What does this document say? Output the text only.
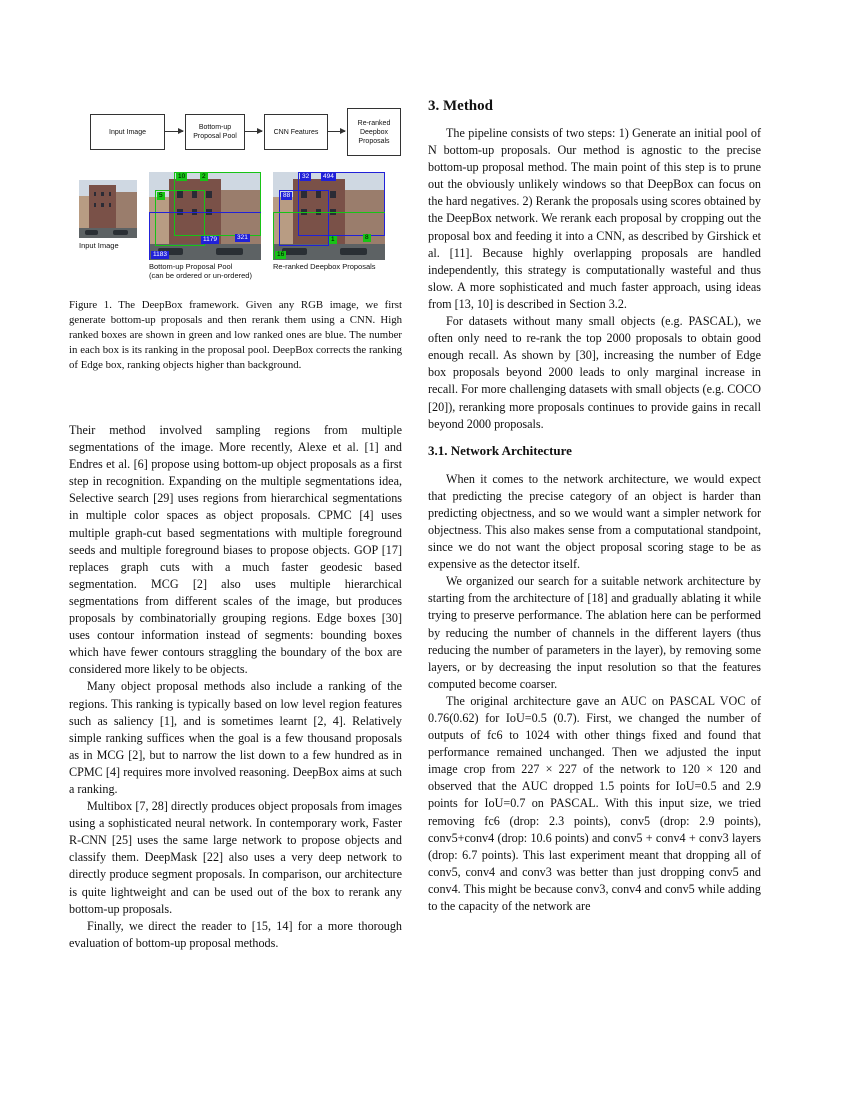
Input Image
Bottom-up Proposal Pool
CNN Features
Re-ranked Deepbox Proposals
Input Image
10	2
5
1179	321
1183
Bottom-up Proposal Pool
(can be ordered or un-ordered)
32	494
88
1	8
16
Re-ranked Deepbox Proposals
Figure 1. The DeepBox framework. Given any RGB image, we first generate bottom-up proposals and then rerank them using a CNN. High ranked boxes are shown in green and low ranked ones are blue. The number in each box is its ranking in the proposal pool. DeepBox corrects the ranking of Edge box, ranking objects higher than background.

Their method involved sampling regions from multiple segmentations of the image. More recently, Alexe et al. [1] and Endres et al. [6] propose using bottom-up object proposals as a first step in recognition. Expanding on the multiple segmentations idea, Selective search [29] uses regions from hierarchical segmentations in multiple color spaces as object proposals. CPMC [4] uses multiple graph-cut based segmentations with multiple foreground seeds and multiple foreground biases to propose objects. GOP [17] replaces graph cuts with a much faster geodesic based segmentation. MCG [2] also uses multiple hierarchical segmentations from different scales of the image, but produces proposals by combinatorially grouping regions. Edge boxes [30] uses contour information instead of segments: bounding boxes which have fewer contours straggling the boundary of the box are considered more likely to be objects.

Many object proposal methods also include a ranking of the regions. This ranking is typically based on low level region features such as saliency [1], and is sometimes learnt [2, 4]. Relatively simple ranking suffices when the goal is a few thousand proposals as in MCG [2], but to narrow the list down to a few hundred as in CPMC [4] requires more involved reasoning. DeepBox aims at such a ranking.

Multibox [7, 28] directly produces object proposals from images using a sophisticated neural network. In contemporary work, Faster R-CNN [25] uses the same large network to propose objects and classify them. DeepMask [22] also uses a very deep network to directly produce segment proposals. In comparison, our architecture is quite lightweight and can be used out of the box to rerank any bottom-up proposals.

Finally, we direct the reader to [15, 14] for a more thorough evaluation of bottom-up proposal methods.

3. Method

The pipeline consists of two steps: 1) Generate an initial pool of N bottom-up proposals. Our method is agnostic to the precise bottom-up proposal method. The main point of this step is to prune out the obviously unlikely windows so that DeepBox can focus on the hard negatives. 2) Rerank the proposals using scores obtained by the DeepBox network. We rerank each proposal by cropping out the proposal box and feeding it into a CNN, as described by Girshick et al. [11]. Because highly overlapping proposals are handled independently, this strategy is computationally wasteful and thus slow. A more sophisticated and much faster approach, using ideas from [13, 10] is described in Section 3.2.

For datasets without many small objects (e.g. PASCAL), we often only need to re-rank the top 2000 proposals to obtain good enough recall. As shown by [30], increasing the number of Edge box proposals beyond 2000 leads to only marginal increase in recall. For more challenging datasets with small objects (e.g. COCO [20]), reranking more proposals continues to provide gains in recall beyond 2000 proposals.

3.1. Network Architecture

When it comes to the network architecture, we would expect that predicting the precise category of an object is harder than predicting objectness, and so we would want a simpler network for objectness. This also makes sense from a computational standpoint, since we do not want the object proposal scoring stage to be as expensive as the detector itself.

We organized our search for a suitable network architecture by starting from the architecture of [18] and gradually ablating it while trying to preserve performance. The ablation here can be performed by reducing the number of channels in the different layers (thus reducing the number of parameters in the layer), by removing some layers, or by decreasing the input resolution so that the features computed become coarser.

The original architecture gave an AUC on PASCAL VOC of 0.76(0.62) for IoU=0.5 (0.7). First, we changed the number of outputs of fc6 to 1024 with other things fixed and found that performance remained unchanged. Then we adjusted the input image crop from 227 × 227 of the network to 120 × 120 and observed that the AUC dropped 1.5 points for IoU=0.5 and 2.9 points for IoU=0.7 on PASCAL. With this input size, we tried removing fc6 (drop: 2.3 points), conv5 (drop: 2.9 points), conv5+conv4 (drop: 10.6 points) and conv5 + conv4 + conv3 layers (drop: 6.7 points). This last experiment meant that dropping all of conv5, conv4 and conv3 was better than just dropping conv5 and conv4. This might be because conv3, conv4 and conv5 while adding to the capacity of the network are
